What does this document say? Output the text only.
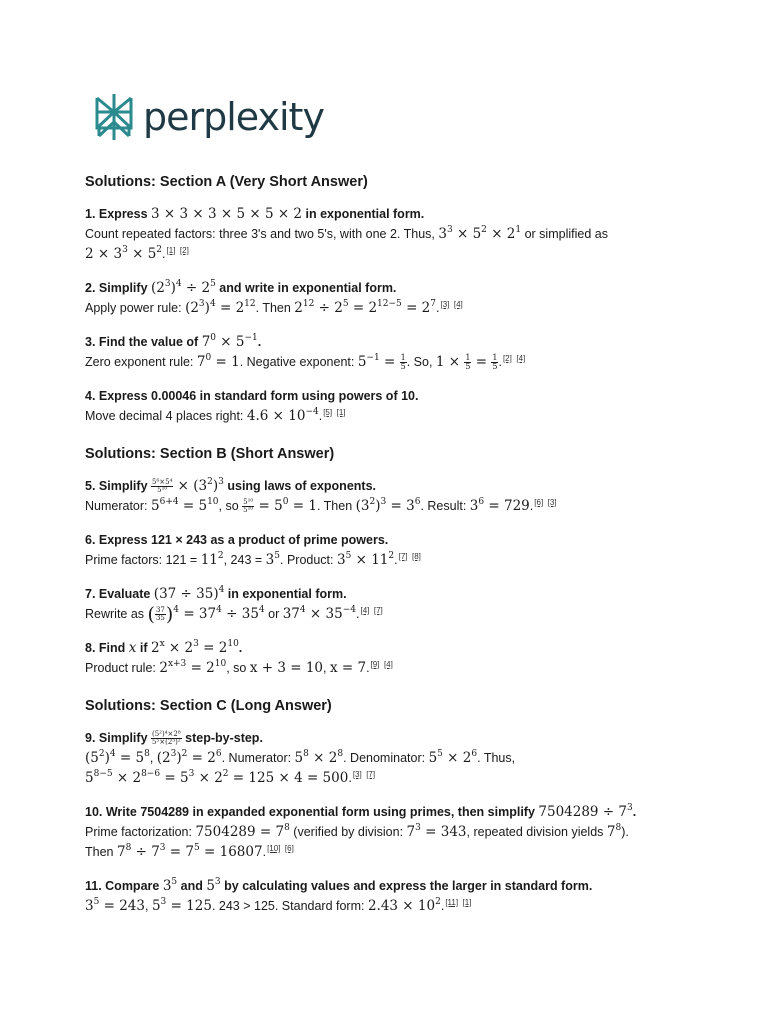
perplexity
Solutions: Section A (Very Short Answer)

1. Express 3 × 3 × 3 × 5 × 5 × 2 in exponential form.

Count repeated factors: three 3's and two 5's, with one 2. Thus, $3^3 \times 5^2 \times 2^1$ or simplified as

$2 \times 3^3 \times 5^2.[1]$ [2]

2. Simplify $(2^3)^4 \div 2^5$ and write in exponential form.

Apply power rule: $(2^3)^4 = 2^{12}$. Then $2^{12} \div 2^5 = 2^{12-5} = 2^7.[3]$ [4]

3. Find the value of $7^0 \times 5^{-1}$.

Zero exponent rule: $7^0 = 1$. Negative exponent: $5^{-1} = \frac{1}{5}$ . So, $1 \times \frac{1}{5} = \frac{1}{5} .[2]$ [4]

4. Express 0.00046 in standard form using powers of 10.

Move decimal 4 places right: $4.6 \times 10^{-4}.[5]$ [1]

Solutions: Section B (Short Answer)

5. Simplify $\frac{\text{5⁶×5⁴}}{\text{5¹⁰}} \times (3^2)^3$ using laws of exponents.

Numerator: $5^{6+4} = 5^{10}$, so $\frac{\text{5¹⁰}}{\text{5¹⁰}} = 5^0 = 1$. Then $(3^2)^3 = 3^6$. Result: $3^6 = 729.[6]$ [3]

6. Express 121 × 243 as a product of prime powers.

Prime factors: $121 = 11^2$, $243 = 3^5$. Product: $3^5 \times 11^2.[7]$ [8]

7. Evaluate $(37 \div 35)^4$ in exponential form.

Rewrite as ( $\frac{37}{35} )^4 = 37^4 \div 35^4$ or $37^4 \times 35^{-4}.[4]$ [7]

8. Find x if $2^x \times 2^3 = 2^{10}$.

Product rule: $2^{x+3} = 2^{10}$, so x + 3 = 10, x = 7.[9] [4]

Solutions: Section C (Long Answer)

9. Simplify $\frac{\text{(5²)⁴×2⁸}}{\text{5⁵×(2³)²}}$ step-by-step.

$(5^2)^4 = 5^8$, $(2^3)^2 = 2^6$. Numerator: $5^8 \times 2^8$. Denominator: $5^5 \times 2^6$. Thus,

$5^{8-5} \times 2^{8-6} = 5^3 \times 2^2 = 125 \times 4 = 500.[3]$ [7]

10. Write 7504289 in expanded exponential form using primes, then simplify $7504289 \div 7^3$.

Prime factorization: $7504289 = 7^8$ (verified by division: $7^3 = 343$, repeated division yields $7^8$).

Then $7^8 \div 7^3 = 7^5 = 16807.[10]$ [6]

11. Compare $3^5$ and $5^3$ by calculating values and express the larger in standard form.

$3^5 = 243$, $5^3 = 125$. 243 > 125. Standard form: $2.43 \times 10^2.[11]$ [1]
